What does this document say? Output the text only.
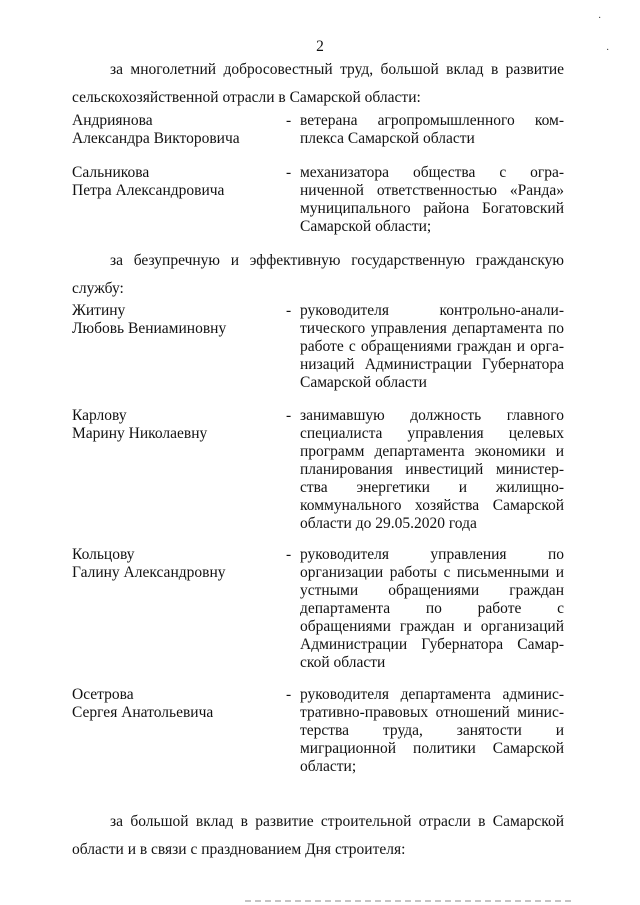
2
за многолетний добросовестный труд, большой вклад в развитие
сельскохозяйственной отрасли в Самарской области:
Андриянова
Александра Викторовича
- ветерана агропромышленного ком-
плекса Самарской области
Сальникова
Петра Александровича
- механизатора общества с огра-
ниченной ответственностью «Ранда»
муниципального района Богатовский
Самарской области;
за безупречную и эффективную государственную гражданскую
службу:
Житину
Любовь Вениаминовну
- руководителя контрольно-анали-
тического управления департамента по
работе с обращениями граждан и орга-
низаций Администрации Губернатора
Самарской области
Карлову
Марину Николаевну
- занимавшую должность главного
специалиста управления целевых
программ департамента экономики и
планирования инвестиций министер-
ства энергетики и жилищно-
коммунального хозяйства Самарской
области до 29.05.2020 года
Кольцову
Галину Александровну
- руководителя управления по
организации работы с письменными и
устными обращениями граждан
департамента по работе с
обращениями граждан и организаций
Администрации Губернатора Самар-
ской области
Осетрова
Сергея Анатольевича
- руководителя департамента админис-
тративно-правовых отношений минис-
терства труда, занятости и
миграционной политики Самарской
области;
за большой вклад в развитие строительной отрасли в Самарской
области и в связи с празднованием Дня строителя:
·
·
